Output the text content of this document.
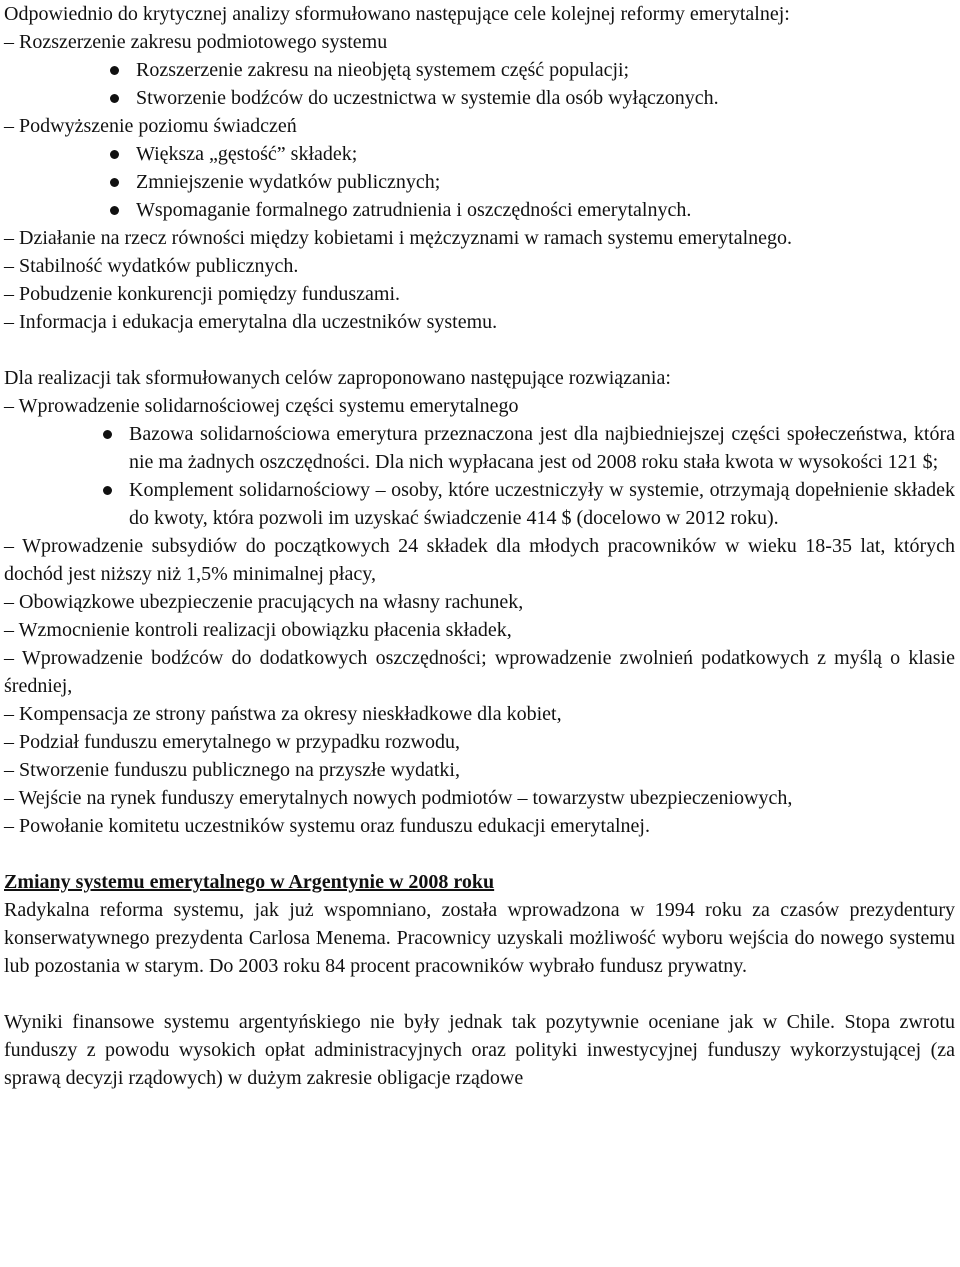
Odpowiednio do krytycznej analizy sformułowano następujące cele kolejnej reformy emerytalnej:

– Rozszerzenie zakresu podmiotowego systemu

Rozszerzenie zakresu na nieobjętą systemem część populacji;
Stworzenie bodźców do uczestnictwa w systemie dla osób wyłączonych.

– Podwyższenie poziomu świadczeń

Większa „gęstość” składek;
Zmniejszenie wydatków publicznych;
Wspomaganie formalnego zatrudnienia i oszczędności emerytalnych.

– Działanie na rzecz równości między kobietami i mężczyznami w ramach systemu emerytalnego.

– Stabilność wydatków publicznych.

– Pobudzenie konkurencji pomiędzy funduszami.

– Informacja i edukacja emerytalna dla uczestników systemu.

Dla realizacji tak sformułowanych celów zaproponowano następujące rozwiązania:

– Wprowadzenie solidarnościowej części systemu emerytalnego

Bazowa solidarnościowa emerytura przeznaczona jest dla najbiedniejszej części społeczeństwa, która nie ma żadnych oszczędności. Dla nich wypłacana jest od 2008 roku stała kwota w wysokości 121 $;
Komplement solidarnościowy – osoby, które uczestniczyły w systemie, otrzymają dopełnienie składek do kwoty, która pozwoli im uzyskać świadczenie 414 $ (docelowo w 2012 roku).

– Wprowadzenie subsydiów do początkowych 24 składek dla młodych pracowników w wieku 18-35 lat, których dochód jest niższy niż 1,5% minimalnej płacy,

– Obowiązkowe ubezpieczenie pracujących na własny rachunek,

– Wzmocnienie kontroli realizacji obowiązku płacenia składek,

– Wprowadzenie bodźców do dodatkowych oszczędności; wprowadzenie zwolnień podatkowych z myślą o klasie średniej,

– Kompensacja ze strony państwa za okresy nieskładkowe dla kobiet,

– Podział funduszu emerytalnego w przypadku rozwodu,

– Stworzenie funduszu publicznego na przyszłe wydatki,

– Wejście na rynek funduszy emerytalnych nowych podmiotów – towarzystw ubezpieczeniowych,

– Powołanie komitetu uczestników systemu oraz funduszu edukacji emerytalnej.

Zmiany systemu emerytalnego w Argentynie w 2008 roku

Radykalna reforma systemu, jak już wspomniano, została wprowadzona w 1994 roku za czasów prezydentury konserwatywnego prezydenta Carlosa Menema. Pracownicy uzyskali możliwość wyboru wejścia do nowego systemu lub pozostania w starym. Do 2003 roku 84 procent pracowników wybrało fundusz prywatny.

Wyniki finansowe systemu argentyńskiego nie były jednak tak pozytywnie oceniane jak w Chile. Stopa zwrotu funduszy z powodu wysokich opłat administracyjnych oraz polityki inwestycyjnej funduszy wykorzystującej (za sprawą decyzji rządowych) w dużym zakresie obligacje rządowe
